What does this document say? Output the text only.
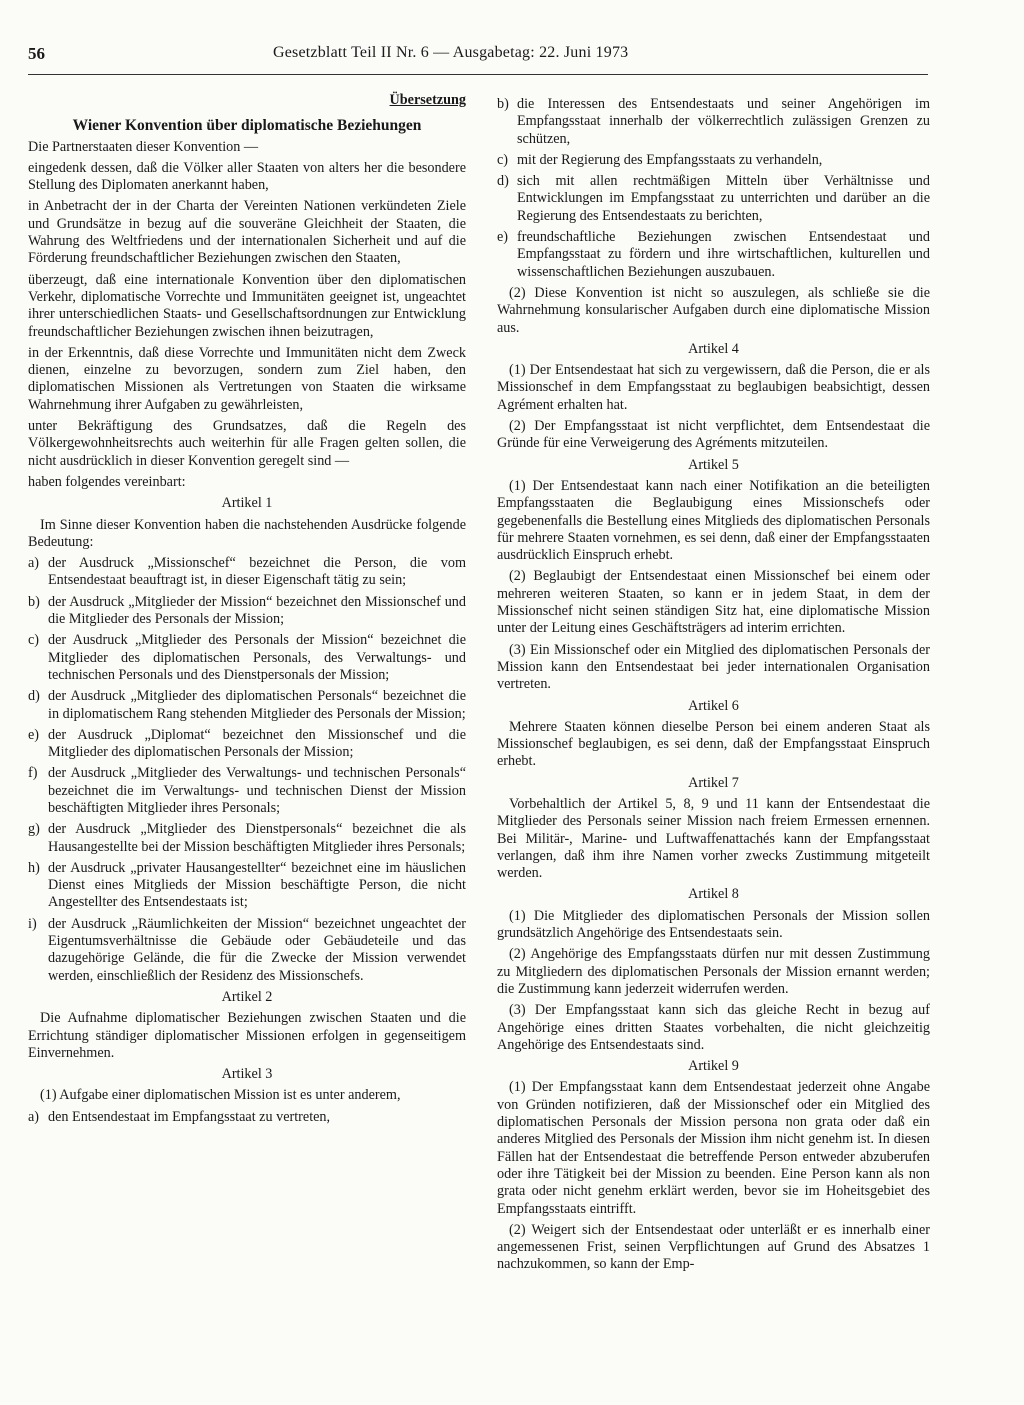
56	Gesetzblatt Teil II Nr. 6 — Ausgabetag: 22. Juni 1973

Übersetzung

Wiener Konvention über diplomatische Beziehungen

Die Partnerstaaten dieser Konvention —

eingedenk dessen, daß die Völker aller Staaten von alters her die besondere Stellung des Diplomaten anerkannt haben,

in Anbetracht der in der Charta der Vereinten Nationen verkündeten Ziele und Grundsätze in bezug auf die souveräne Gleichheit der Staaten, die Wahrung des Weltfriedens und der internationalen Sicherheit und auf die Förderung freundschaftlicher Beziehungen zwischen den Staaten,

überzeugt, daß eine internationale Konvention über den diplomatischen Verkehr, diplomatische Vorrechte und Immunitäten geeignet ist, ungeachtet ihrer unterschiedlichen Staats- und Gesellschaftsordnungen zur Entwicklung freundschaftlicher Beziehungen zwischen ihnen beizutragen,

in der Erkenntnis, daß diese Vorrechte und Immunitäten nicht dem Zweck dienen, einzelne zu bevorzugen, sondern zum Ziel haben, den diplomatischen Missionen als Vertretungen von Staaten die wirksame Wahrnehmung ihrer Aufgaben zu gewährleisten,

unter Bekräftigung des Grundsatzes, daß die Regeln des Völkergewohnheitsrechts auch weiterhin für alle Fragen gelten sollen, die nicht ausdrücklich in dieser Konvention geregelt sind —

haben folgendes vereinbart:

Artikel 1

Im Sinne dieser Konvention haben die nachstehenden Ausdrücke folgende Bedeutung:

a) der Ausdruck „Missionschef“ bezeichnet die Person, die vom Entsendestaat beauftragt ist, in dieser Eigenschaft tätig zu sein;
b) der Ausdruck „Mitglieder der Mission“ bezeichnet den Missionschef und die Mitglieder des Personals der Mission;
c) der Ausdruck „Mitglieder des Personals der Mission“ bezeichnet die Mitglieder des diplomatischen Personals, des Verwaltungs- und technischen Personals und des Dienstpersonals der Mission;
d) der Ausdruck „Mitglieder des diplomatischen Personals“ bezeichnet die in diplomatischem Rang stehenden Mitglieder des Personals der Mission;
e) der Ausdruck „Diplomat“ bezeichnet den Missionschef und die Mitglieder des diplomatischen Personals der Mission;
f) der Ausdruck „Mitglieder des Verwaltungs- und technischen Personals“ bezeichnet die im Verwaltungs- und technischen Dienst der Mission beschäftigten Mitglieder ihres Personals;
g) der Ausdruck „Mitglieder des Dienstpersonals“ bezeichnet die als Hausangestellte bei der Mission beschäftigten Mitglieder ihres Personals;
h) der Ausdruck „privater Hausangestellter“ bezeichnet eine im häuslichen Dienst eines Mitglieds der Mission beschäftigte Person, die nicht Angestellter des Entsendestaats ist;
i) der Ausdruck „Räumlichkeiten der Mission“ bezeichnet ungeachtet der Eigentumsverhältnisse die Gebäude oder Gebäudeteile und das dazugehörige Gelände, die für die Zwecke der Mission verwendet werden, einschließlich der Residenz des Missionschefs.

Artikel 2

Die Aufnahme diplomatischer Beziehungen zwischen Staaten und die Errichtung ständiger diplomatischer Missionen erfolgen in gegenseitigem Einvernehmen.

Artikel 3

(1) Aufgabe einer diplomatischen Mission ist es unter anderem,

a) den Entsendestaat im Empfangsstaat zu vertreten,
b) die Interessen des Entsendestaats und seiner Angehörigen im Empfangsstaat innerhalb der völkerrechtlich zulässigen Grenzen zu schützen,
c) mit der Regierung des Empfangsstaats zu verhandeln,
d) sich mit allen rechtmäßigen Mitteln über Verhältnisse und Entwicklungen im Empfangsstaat zu unterrichten und darüber an die Regierung des Entsendestaats zu berichten,
e) freundschaftliche Beziehungen zwischen Entsendestaat und Empfangsstaat zu fördern und ihre wirtschaftlichen, kulturellen und wissenschaftlichen Beziehungen auszubauen.

(2) Diese Konvention ist nicht so auszulegen, als schließe sie die Wahrnehmung konsularischer Aufgaben durch eine diplomatische Mission aus.

Artikel 4

(1) Der Entsendestaat hat sich zu vergewissern, daß die Person, die er als Missionschef in dem Empfangsstaat zu beglaubigen beabsichtigt, dessen Agrément erhalten hat.

(2) Der Empfangsstaat ist nicht verpflichtet, dem Entsendestaat die Gründe für eine Verweigerung des Agréments mitzuteilen.

Artikel 5

(1) Der Entsendestaat kann nach einer Notifikation an die beteiligten Empfangsstaaten die Beglaubigung eines Missionschefs oder gegebenenfalls die Bestellung eines Mitglieds des diplomatischen Personals für mehrere Staaten vornehmen, es sei denn, daß einer der Empfangsstaaten ausdrücklich Einspruch erhebt.

(2) Beglaubigt der Entsendestaat einen Missionschef bei einem oder mehreren weiteren Staaten, so kann er in jedem Staat, in dem der Missionschef nicht seinen ständigen Sitz hat, eine diplomatische Mission unter der Leitung eines Geschäftsträgers ad interim errichten.

(3) Ein Missionschef oder ein Mitglied des diplomatischen Personals der Mission kann den Entsendestaat bei jeder internationalen Organisation vertreten.

Artikel 6

Mehrere Staaten können dieselbe Person bei einem anderen Staat als Missionschef beglaubigen, es sei denn, daß der Empfangsstaat Einspruch erhebt.

Artikel 7

Vorbehaltlich der Artikel 5, 8, 9 und 11 kann der Entsendestaat die Mitglieder des Personals seiner Mission nach freiem Ermessen ernennen. Bei Militär-, Marine- und Luftwaffenattachés kann der Empfangsstaat verlangen, daß ihm ihre Namen vorher zwecks Zustimmung mitgeteilt werden.

Artikel 8

(1) Die Mitglieder des diplomatischen Personals der Mission sollen grundsätzlich Angehörige des Entsendestaats sein.

(2) Angehörige des Empfangsstaats dürfen nur mit dessen Zustimmung zu Mitgliedern des diplomatischen Personals der Mission ernannt werden; die Zustimmung kann jederzeit widerrufen werden.

(3) Der Empfangsstaat kann sich das gleiche Recht in bezug auf Angehörige eines dritten Staates vorbehalten, die nicht gleichzeitig Angehörige des Entsendestaats sind.

Artikel 9

(1) Der Empfangsstaat kann dem Entsendestaat jederzeit ohne Angabe von Gründen notifizieren, daß der Missionschef oder ein Mitglied des diplomatischen Personals der Mission persona non grata oder daß ein anderes Mitglied des Personals der Mission ihm nicht genehm ist. In diesen Fällen hat der Entsendestaat die betreffende Person entweder abzuberufen oder ihre Tätigkeit bei der Mission zu beenden. Eine Person kann als non grata oder nicht genehm erklärt werden, bevor sie im Hoheitsgebiet des Empfangsstaats eintrifft.

(2) Weigert sich der Entsendestaat oder unterläßt er es innerhalb einer angemessenen Frist, seinen Verpflichtungen auf Grund des Absatzes 1 nachzukommen, so kann der Emp-
